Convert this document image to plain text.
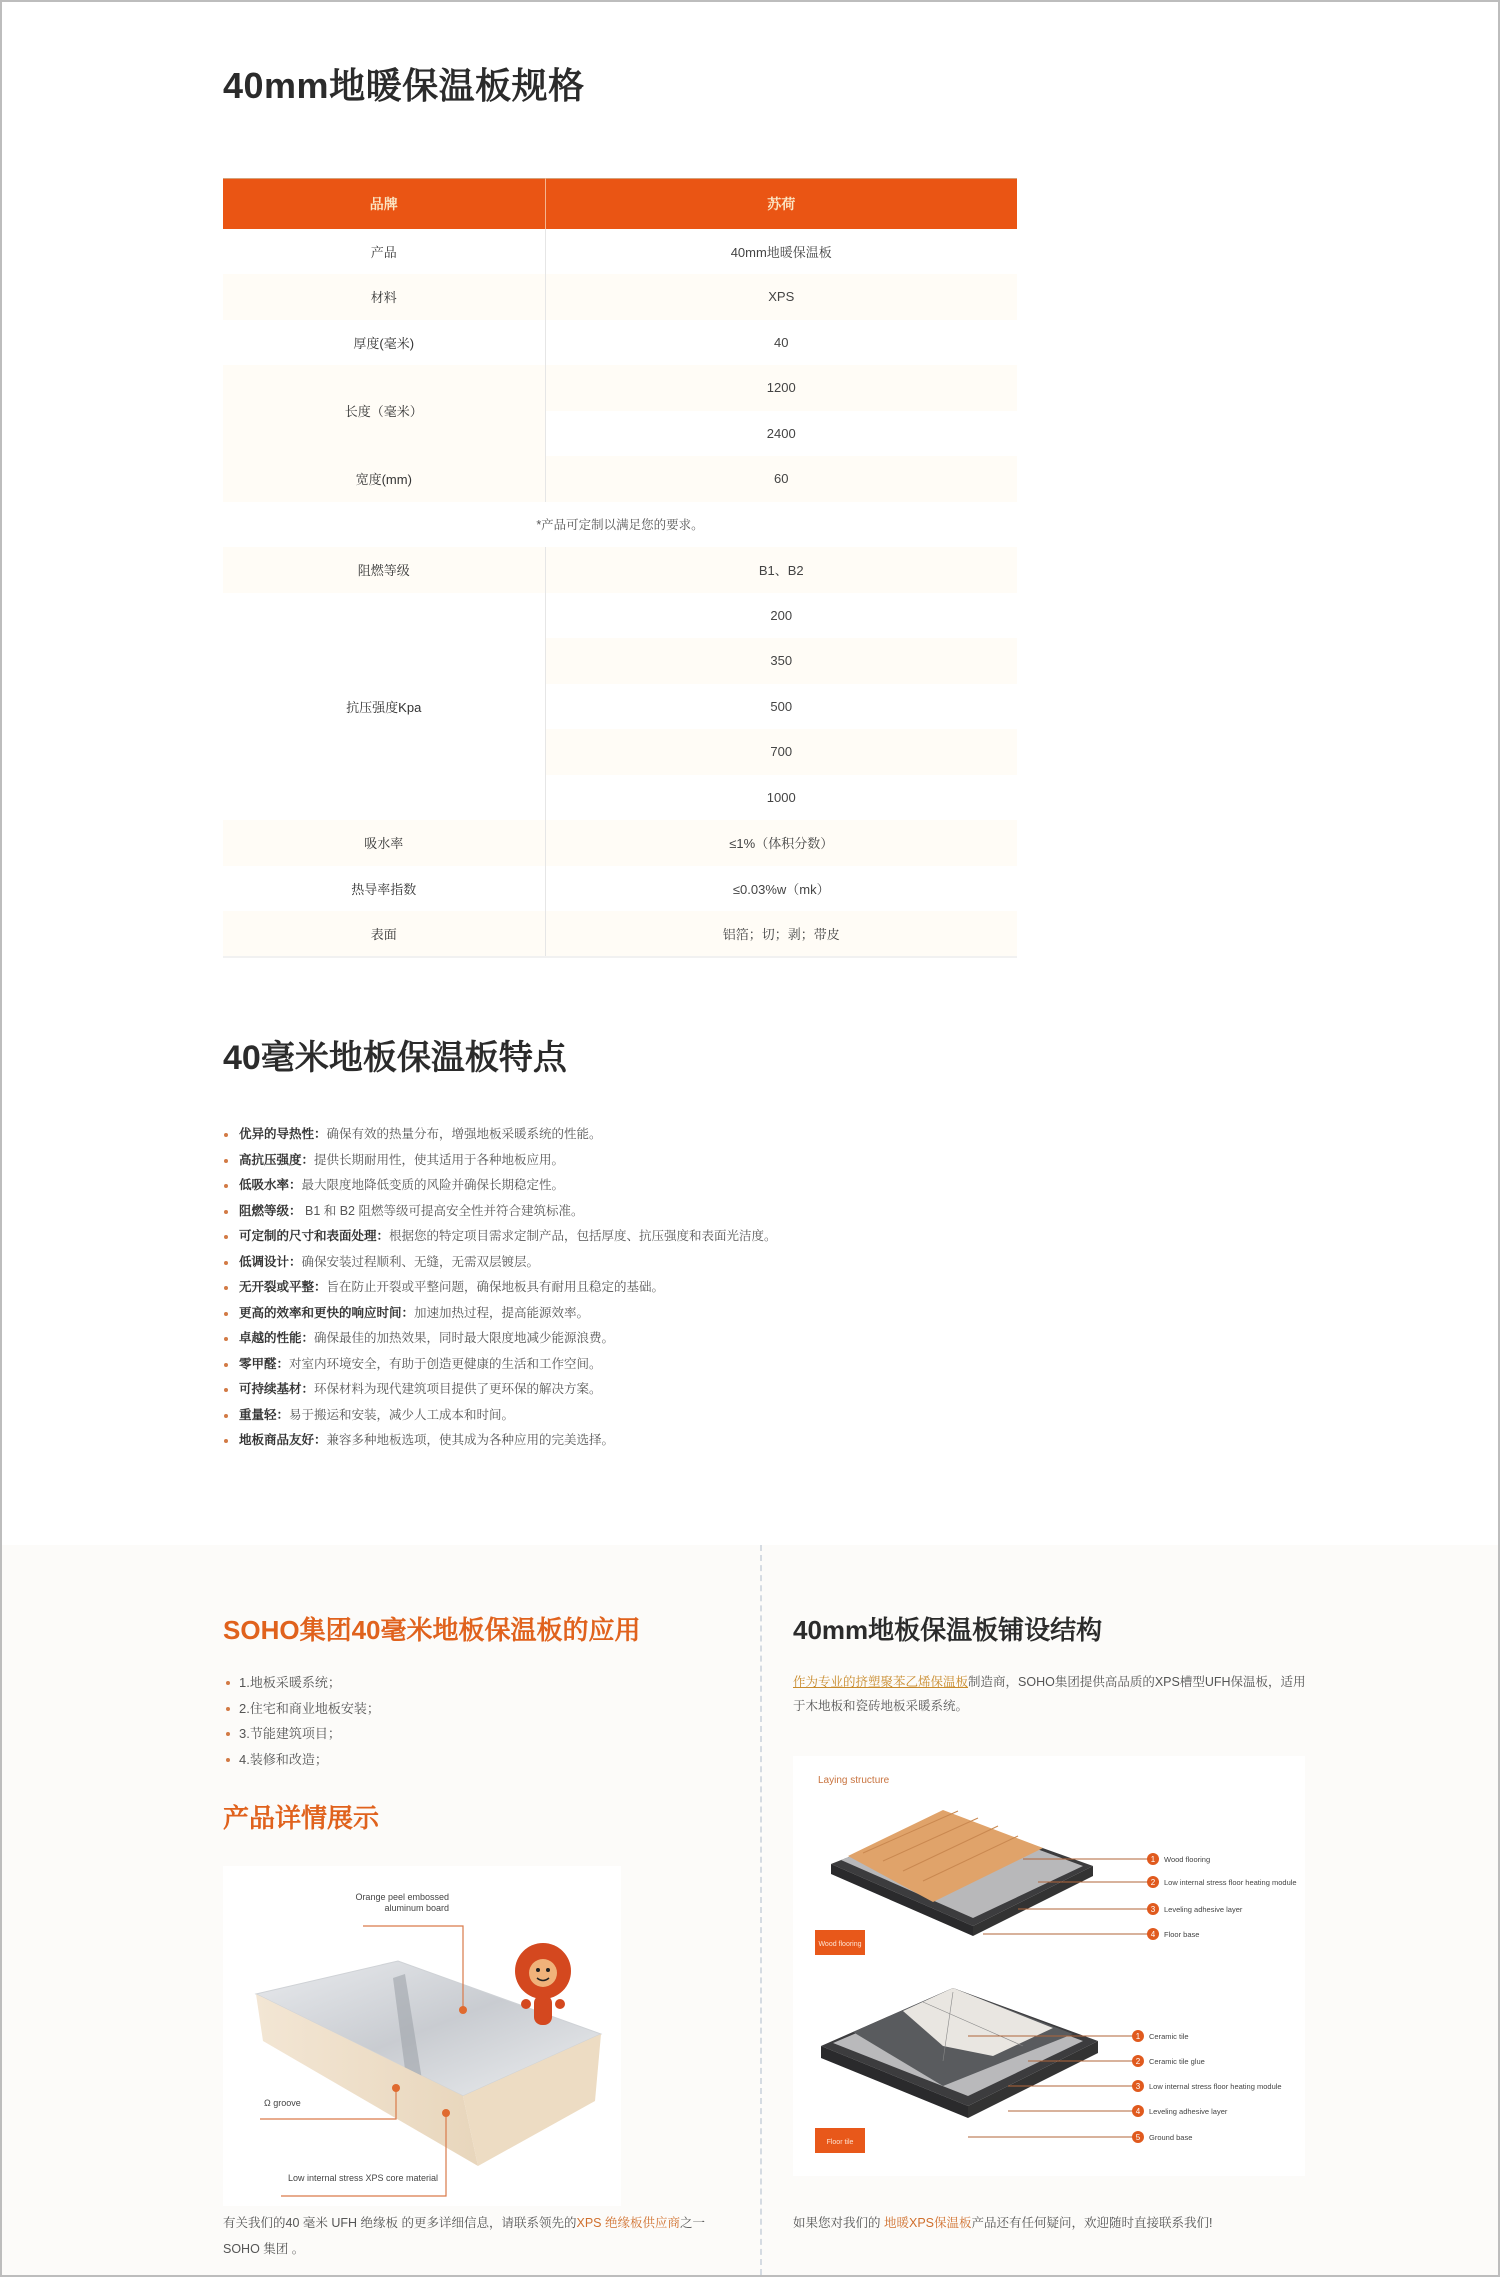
40mm地暖保温板规格
品牌	苏荷
产品	40mm地暖保温板
材料	XPS
厚度(毫米)	40
长度（毫米）	1200
	2400
宽度(mm)	60
*产品可定制以满足您的要求。	
阻燃等级	B1、B2
抗压强度Kpa	200
	350
	500
	700
	1000
吸水率	≤1%（体积分数）
热导率指数	≤0.03%w（mk）
表面	铝箔；切；剥；带皮
40毫米地板保温板特点
优异的导热性：确保有效的热量分布，增强地板采暖系统的性能。
高抗压强度：提供长期耐用性，使其适用于各种地板应用。
低吸水率：最大限度地降低变质的风险并确保长期稳定性。
阻燃等级： B1 和 B2 阻燃等级可提高安全性并符合建筑标准。
可定制的尺寸和表面处理：根据您的特定项目需求定制产品，包括厚度、抗压强度和表面光洁度。
低调设计：确保安装过程顺利、无缝，无需双层镀层。
无开裂或平整：旨在防止开裂或平整问题，确保地板具有耐用且稳定的基础。
更高的效率和更快的响应时间：加速加热过程，提高能源效率。
卓越的性能：确保最佳的加热效果，同时最大限度地减少能源浪费。
零甲醛：对室内环境安全，有助于创造更健康的生活和工作空间。
可持续基材：环保材料为现代建筑项目提供了更环保的解决方案。
重量轻：易于搬运和安装，减少人工成本和时间。
地板商品友好：兼容多种地板选项，使其成为各种应用的完美选择。
SOHO集团40毫米地板保温板的应用
1.地板采暖系统；
2.住宅和商业地板安装；
3.节能建筑项目；
4.装修和改造；
产品详情展示
Orange peel embossed
aluminum board
Ω groove
Low internal stress XPS core material

有关我们的40 毫米 UFH 绝缘板 的更多详细信息，请联系领先的XPS 绝缘板供应商之一 SOHO 集团 。

40mm地板保温板铺设结构

作为专业的挤塑聚苯乙烯保温板制造商，SOHO集团提供高品质的XPS槽型UFH保温板，适用于木地板和瓷砖地板采暖系统。

Laying structure
Wood flooring
1
2
3
4
Wood flooring
Low internal stress floor heating module
Leveling adhesive layer
Floor base
Floor tile
1
2
3
4
5
Ceramic tile
Ceramic tile glue
Low internal stress floor heating module
Leveling adhesive layer
Ground base

如果您对我们的 地暖XPS保温板产品还有任何疑问，欢迎随时直接联系我们!
